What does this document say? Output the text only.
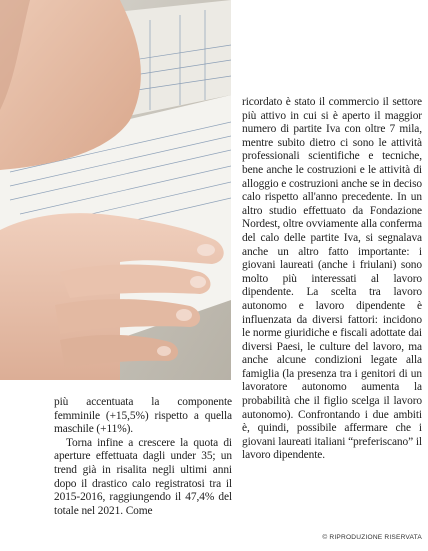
più accentuata la componente femminile (+15,5%) rispetto a quella maschile (+11%).

Torna infine a crescere la quota di aperture effettuata dagli under 35; un trend già in risalita negli ultimi anni dopo il drastico calo registratosi tra il 2015-2016, raggiungendo il 47,4% del totale nel 2021. Come

ricordato è stato il commercio il settore più attivo in cui si è aperto il maggior numero di partite Iva con oltre 7 mila, mentre subito dietro ci sono le attività professionali scientifiche e tecniche, bene anche le costruzioni e le attività di alloggio e costruzioni anche se in deciso calo rispetto all'anno precedente. In un altro studio effettuato da Fondazione Nordest, oltre ovviamente alla conferma del calo delle partite Iva, si segnalava anche un altro fatto importante: i giovani laureati (anche i friulani) sono molto più interessati al lavoro dipendente. La scelta tra lavoro autonomo e lavoro dipendente è influenzata da diversi fattori: incidono le norme giuridiche e fiscali adottate dai diversi Paesi, le culture del lavoro, ma anche alcune condizioni legate alla famiglia (la presenza tra i genitori di un lavoratore autonomo aumenta la probabilità che il figlio scelga il lavoro autonomo). Confrontando i due ambiti è, quindi, possibile affermare che i giovani laureati italiani “preferiscano” il lavoro dipendente.

© RIPRODUZIONE RISERVATA
